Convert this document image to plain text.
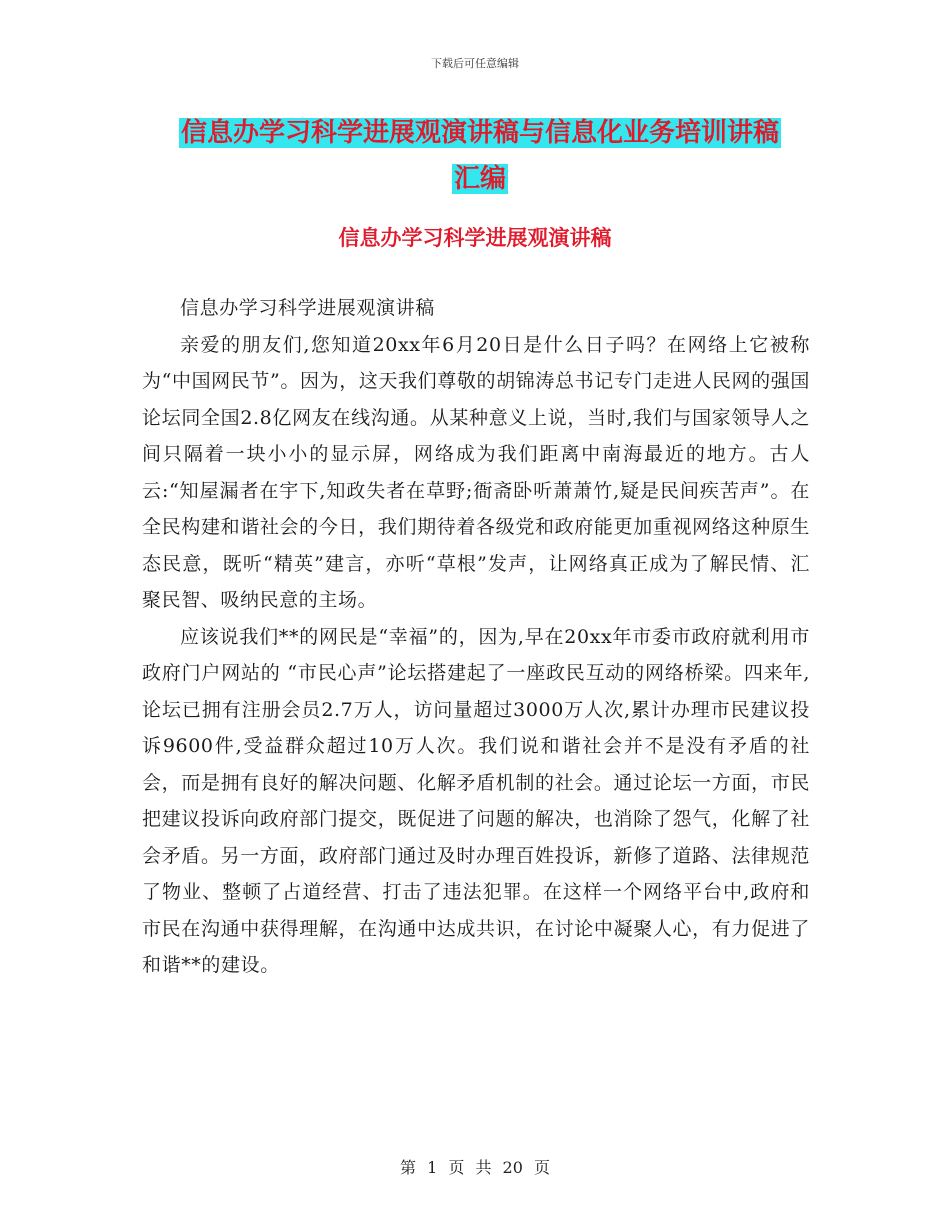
下载后可任意编辑
信息办学习科学进展观演讲稿与信息化业务培训讲稿
汇编
信息办学习科学进展观演讲稿

信息办学习科学进展观演讲稿

亲爱的朋友们,您知道20xx年6月20日是什么日子吗？在网络上它被称为“中国网民节”。因为，这天我们尊敬的胡锦涛总书记专门走进人民网的强国论坛同全国2.8亿网友在线沟通。从某种意义上说，当时,我们与国家领导人之间只隔着一块小小的显示屏，网络成为我们距离中南海最近的地方。古人云:“知屋漏者在宇下,知政失者在草野;衙斋卧听萧萧竹,疑是民间疾苦声”。在全民构建和谐社会的今日，我们期待着各级党和政府能更加重视网络这种原生态民意，既听“精英”建言，亦听“草根”发声，让网络真正成为了解民情、汇聚民智、吸纳民意的主场。

应该说我们**的网民是“幸福”的，因为,早在20xx年市委市政府就利用市政府门户网站的 “市民心声”论坛搭建起了一座政民互动的网络桥梁。四来年,论坛已拥有注册会员2.7万人，访问量超过3000万人次,累计办理市民建议投诉9600件,受益群众超过10万人次。我们说和谐社会并不是没有矛盾的社会，而是拥有良好的解决问题、化解矛盾机制的社会。通过论坛一方面，市民把建议投诉向政府部门提交，既促进了问题的解决，也消除了怨气，化解了社会矛盾。另一方面，政府部门通过及时办理百姓投诉，新修了道路、法律规范了物业、整顿了占道经营、打击了违法犯罪。在这样一个网络平台中,政府和市民在沟通中获得理解，在沟通中达成共识，在讨论中凝聚人心，有力促进了和谐**的建设。

第 1 页 共 20 页
